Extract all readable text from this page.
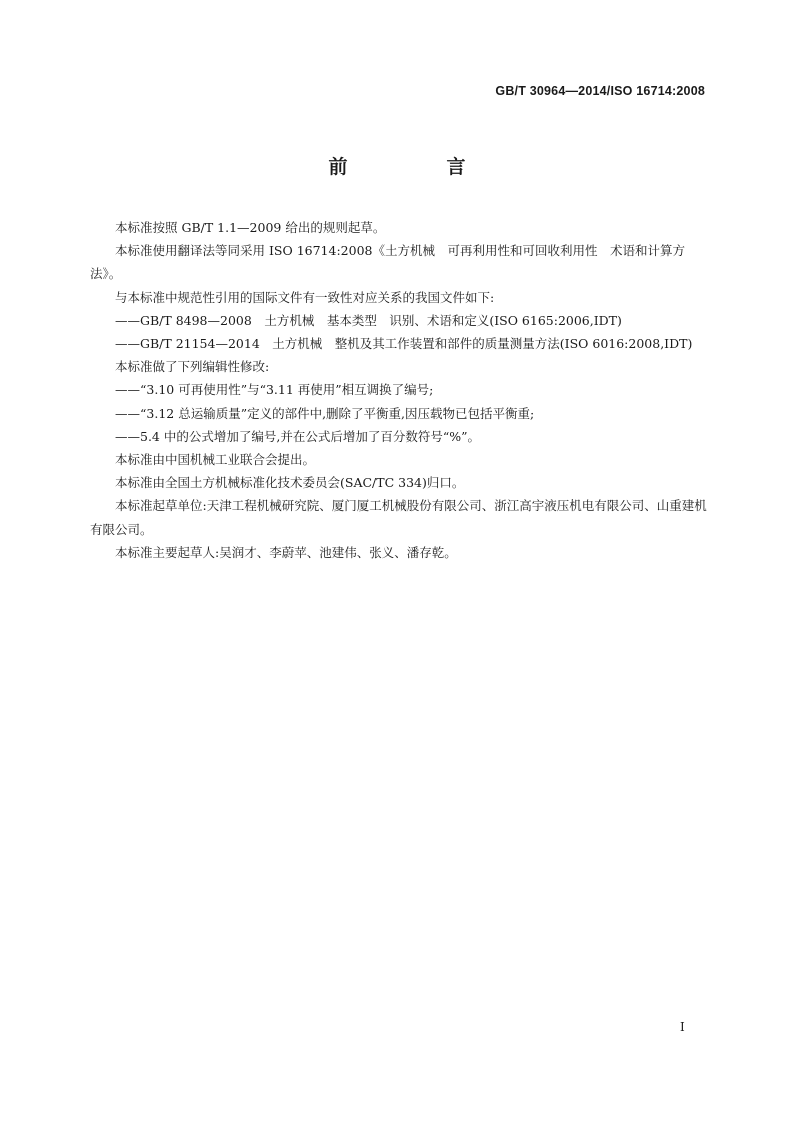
GB/T 30964—2014/ISO 16714:2008
前　言

本标准按照 GB/T 1.1—2009 给出的规则起草。

本标准使用翻译法等同采用 ISO 16714:2008《土方机械　可再利用性和可回收利用性　术语和计算方法》。

与本标准中规范性引用的国际文件有一致性对应关系的我国文件如下:

——GB/T 8498—2008　土方机械　基本类型　识别、术语和定义(ISO 6165:2006,IDT)

——GB/T 21154—2014　土方机械　整机及其工作装置和部件的质量测量方法(ISO 6016:2008,IDT)

本标准做了下列编辑性修改:

——“3.10 可再使用性”与“3.11 再使用”相互调换了编号;

——“3.12 总运输质量”定义的部件中,删除了平衡重,因压载物已包括平衡重;

——5.4 中的公式增加了编号,并在公式后增加了百分数符号“%”。

本标准由中国机械工业联合会提出。

本标准由全国土方机械标准化技术委员会(SAC/TC 334)归口。

本标准起草单位:天津工程机械研究院、厦门厦工机械股份有限公司、浙江高宇液压机电有限公司、山重建机有限公司。

本标准主要起草人:吴润才、李蔚苹、池建伟、张义、潘存乾。

I
